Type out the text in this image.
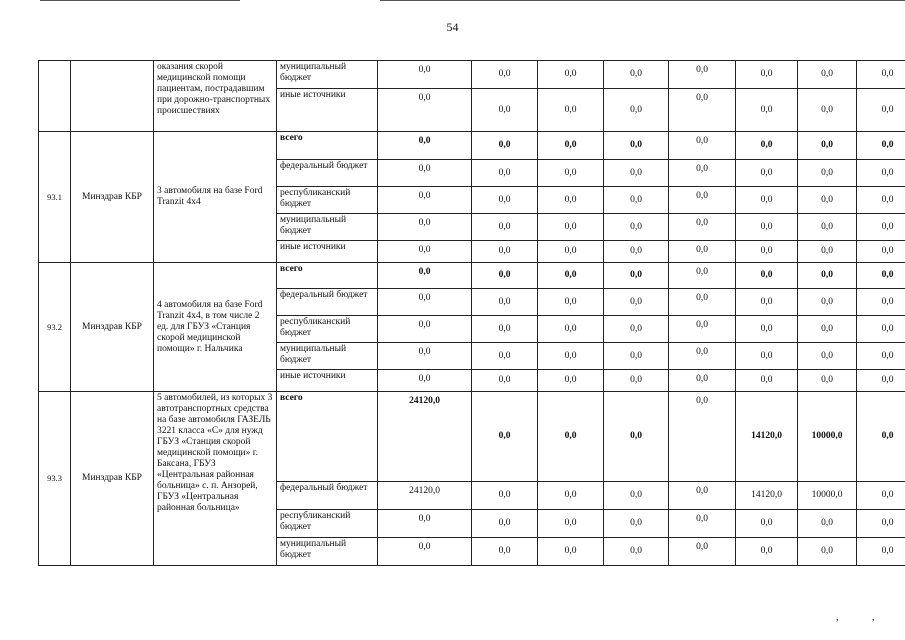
54
		оказания скорой медицинской помощи пациентам, пострадавшим при дорожно-транспортных происшествиях	муниципальный бюджет	0,0	0,0	0,0	0,0	0,0	0,0	0,0	0,0
			иные источники	0,0	0,0	0,0	0,0	0,0	0,0	0,0	0,0
93.1	Минздрав КБР	3 автомобиля на базе Ford Tranzit 4х4	всего	0,0	0,0	0,0	0,0	0,0	0,0	0,0	0,0
			федеральный бюджет	0,0	0,0	0,0	0,0	0,0	0,0	0,0	0,0
			республиканский бюджет	0,0	0,0	0,0	0,0	0,0	0,0	0,0	0,0
			муниципальный бюджет	0,0	0,0	0,0	0,0	0,0	0,0	0,0	0,0
			иные источники	0,0	0,0	0,0	0,0	0,0	0,0	0,0	0,0
93.2	Минздрав КБР	4 автомобиля на базе Ford Tranzit 4х4, в том числе 2 ед. для ГБУЗ «Станция скорой медицинской помощи» г. Нальчика	всего	0,0	0,0	0,0	0,0	0,0	0,0	0,0	0,0
			федеральный бюджет	0,0	0,0	0,0	0,0	0,0	0,0	0,0	0,0
			республиканский бюджет	0,0	0,0	0,0	0,0	0,0	0,0	0,0	0,0
			муниципальный бюджет	0,0	0,0	0,0	0,0	0,0	0,0	0,0	0,0
			иные источники	0,0	0,0	0,0	0,0	0,0	0,0	0,0	0,0
93.3	Минздрав КБР	5 автомобилей, из которых 3 автотранспортных средства на базе автомобиля ГАЗЕЛЬ 3221 класса «С» для нужд ГБУЗ «Станция скорой медицинской помощи» г. Баксана, ГБУЗ «Центральная районная больница» с. п. Анзорей, ГБУЗ «Центральная районная больница»	всего	24120,0	0,0	0,0	0,0	0,0	14120,0	10000,0	0,0
			федеральный бюджет	24120,0	0,0	0,0	0,0	0,0	14120,0	10000,0	0,0
			республиканский бюджет	0,0	0,0	0,0	0,0	0,0	0,0	0,0	0,0
			муниципальный бюджет	0,0	0,0	0,0	0,0	0,0	0,0	0,0	0,0
,	,
